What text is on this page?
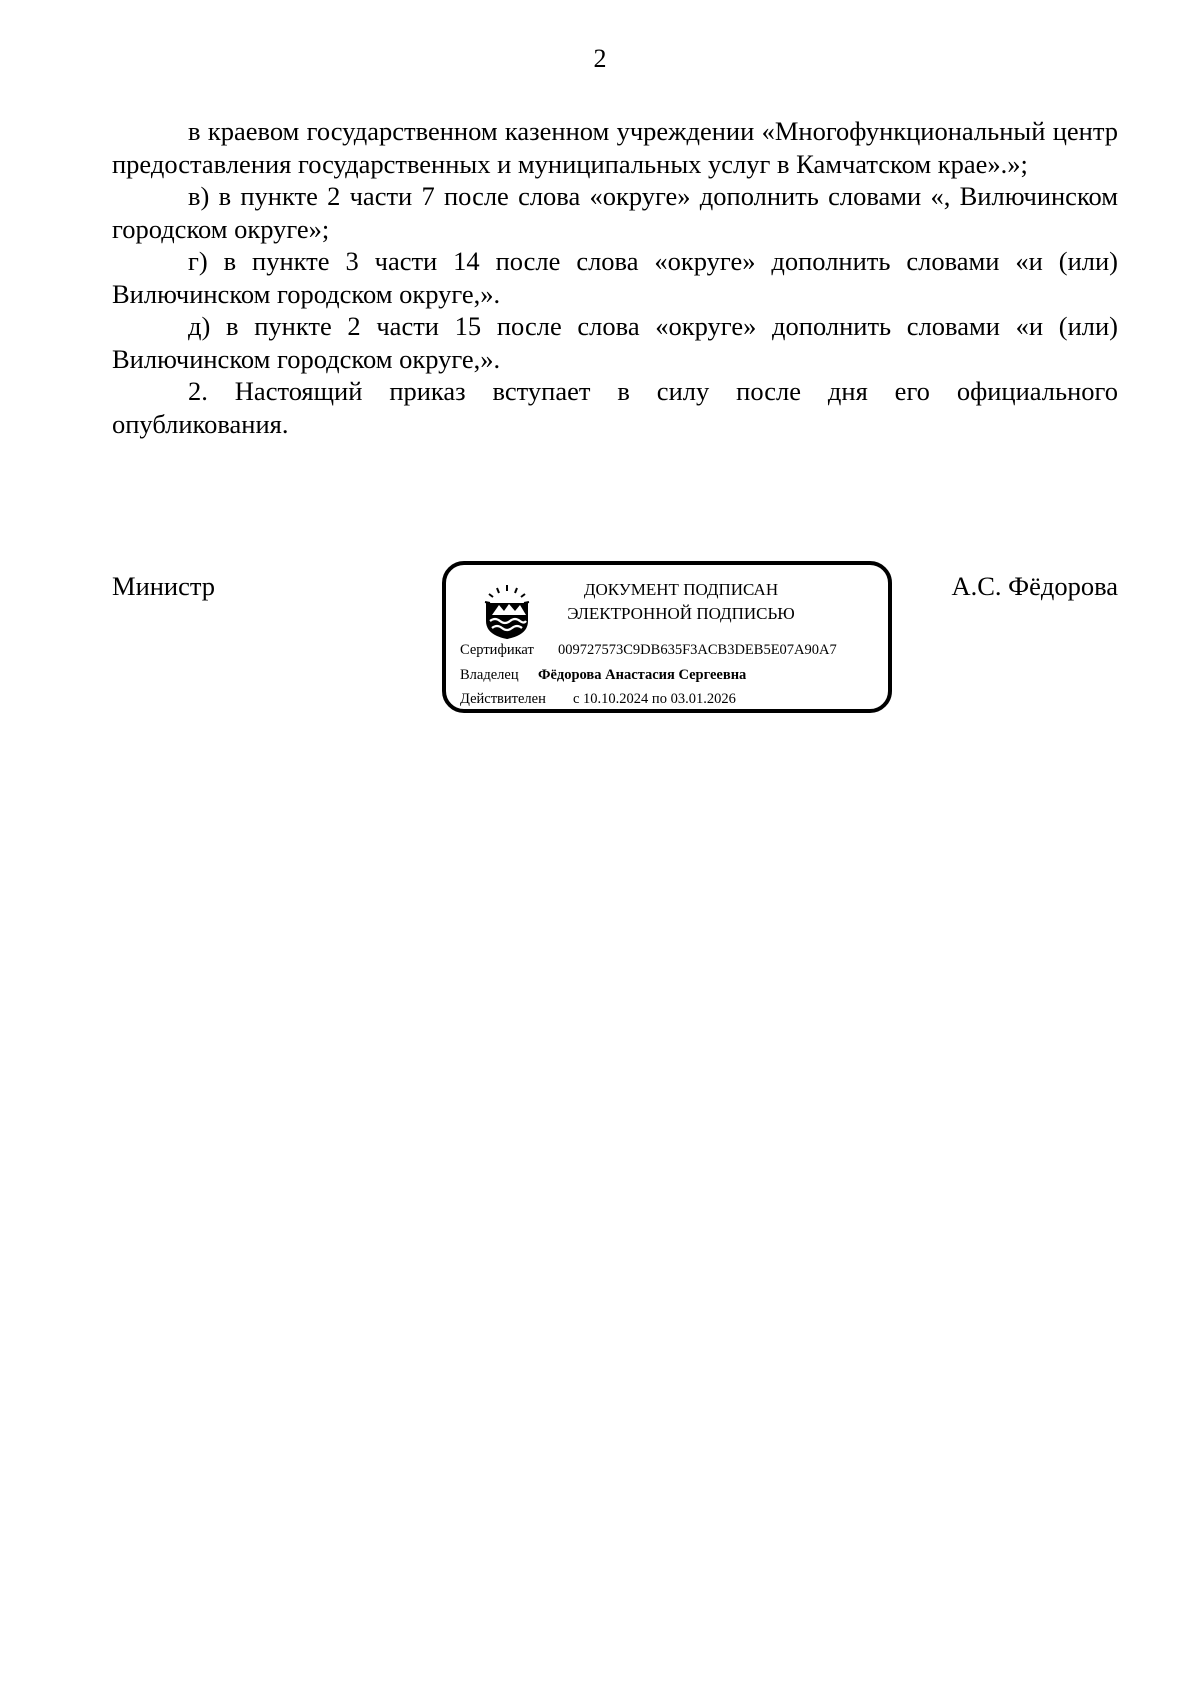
2

в краевом государственном казенном учреждении «Многофункциональный центр предоставления государственных и муниципальных услуг в Камчатском крае».»;

в) в пункте 2 части 7 после слова «округе» дополнить словами «, Вилючинском городском округе»;

г) в пункте 3 части 14 после слова «округе» дополнить словами «и (или) Вилючинском городском округе,».

д) в пункте 2 части 15 после слова «округе» дополнить словами «и (или) Вилючинском городском округе,».

2. Настоящий приказ вступает в силу после дня его официального опубликования.

Министр	ДОКУМЕНТ ПОДПИСАН
ЭЛЕКТРОННОЙ ПОДПИСЬЮ
Сертификат 009727573C9DB635F3ACB3DEB5E07A90A7
Владелец Фёдорова Анастасия Сергеевна
Действителен с 10.10.2024 по 03.01.2026
А.С. Фёдорова
